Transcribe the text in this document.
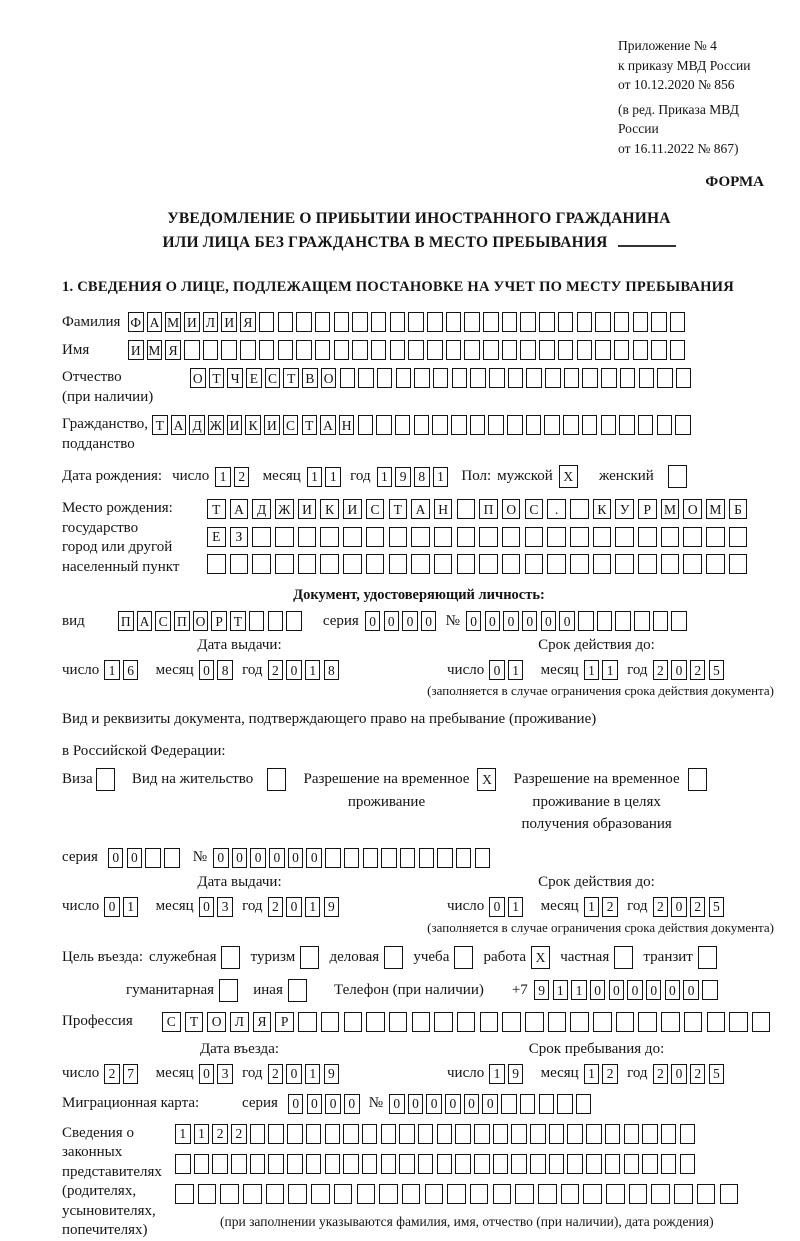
Приложение № 4
к приказу МВД России
от 10.12.2020 № 856
(в ред. Приказа МВД России
от 16.11.2022 № 867)
ФОРМА
УВЕДОМЛЕНИЕ О ПРИБЫТИИ ИНОСТРАННОГО ГРАЖДАНИНА
ИЛИ ЛИЦА БЕЗ ГРАЖДАНСТВА В МЕСТО ПРЕБЫВАНИЯ
1. СВЕДЕНИЯ О ЛИЦЕ, ПОДЛЕЖАЩЕМ ПОСТАНОВКЕ НА УЧЕТ ПО МЕСТУ ПРЕБЫВАНИЯ
Фамилия Ф А М И Л И Я
Имя	И М Я
Отчество
(при наличии)
О Т Ч Е С Т В О
Гражданство,
подданство
Т А Д Ж И К И С Т А Н
Дата рождения: число 1 2 месяц 1 1 год 1 9 8 1 Пол: мужской X	женский
Место рождения:
государство
город или другой
населенный пункт
Т	А Д Ж И К И С	Т	А Н	П О С	.	К У	Р М О М Б
Е	З
Документ, удостоверяющий личность:
вид	П А С П О Р Т	серия 0 0 0 0 № 0 0 0 0 0 0
Дата выдачи:	Срок действия до:
число 1 6 месяц 0 8 год 2 0 1 8	число 0 1 месяц 1 1 год 2 0 2 5
(заполняется в случае ограничения срока действия документа)
Вид и реквизиты документа, подтверждающего право на пребывание (проживание)
в Российской Федерации:
Виза	Вид на жительство	Разрешение на временное
проживание
X	Разрешение на временное
проживание в целях
получения образования
серия	0 0	№ 0 0 0 0 0 0
Дата выдачи:	Срок действия до:
число 0 1 месяц 0 3 год 2 0 1 9	число 0 1 месяц 1 2 год 2 0 2 5
(заполняется в случае ограничения срока действия документа)
Цель въезда: служебная туризм деловая учеба работа X частная транзит
гуманитарная	иная	Телефон (при наличии) +7 9 1 1 0 0 0 0 0 0
Профессия	С	Т	О Л	Я	Р
Дата въезда:	Срок пребывания до:
число 2 7 месяц 0 3 год 2 0 1 9	число 1 9 месяц 1 2 год 2 0 2 5
Миграционная карта:	серия	0 0 0 0 № 0 0 0 0 0 0
Сведения о
законных
представителях
(родителях,
усыновителях,
попечителях)
1 1 2 2
(при заполнении указываются фамилия, имя, отчество (при наличии), дата рождения)
